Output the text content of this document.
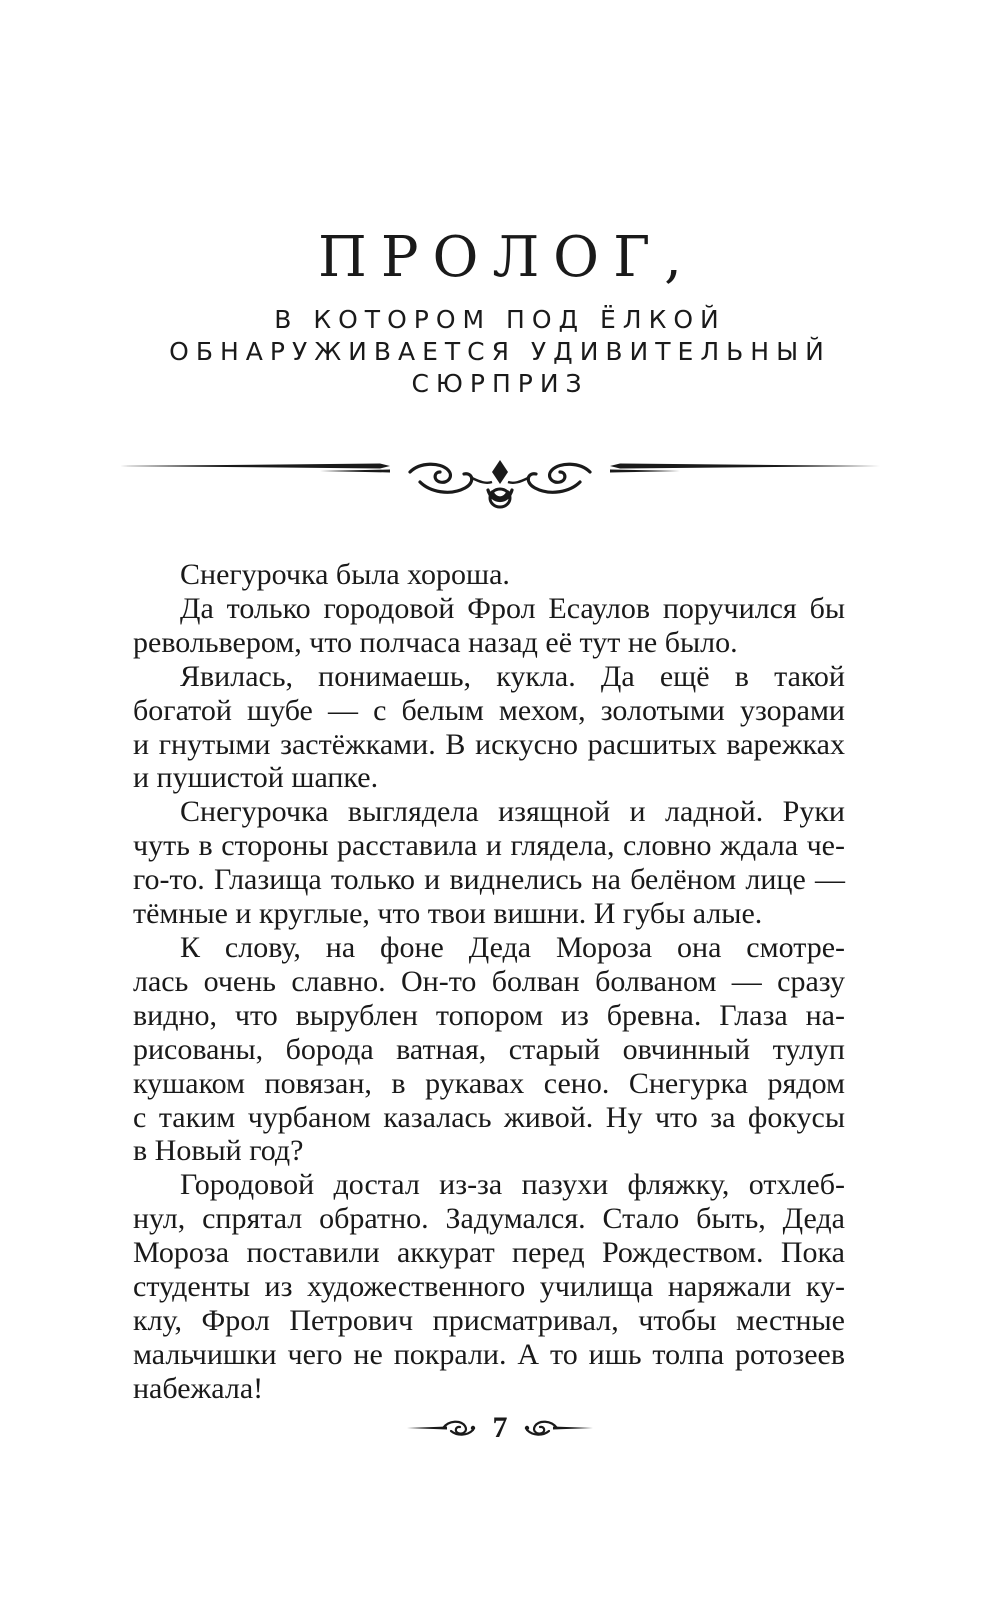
ПРОЛОГ,
В КОТОРОМ ПОД ЁЛКОЙ
ОБНАРУЖИВАЕТСЯ УДИВИТЕЛЬНЫЙ
СЮРПРИЗ

Снегурочка была хороша.

Да только городовой Фрол Есаулов поручился бы
револьвером, что полчаса назад её тут не было.

Явилась, понимаешь, кукла. Да ещё в такой
богатой шубе — с белым мехом, золотыми узорами
и гнутыми застёжками. В искусно расшитых варежках
и пушистой шапке.

Снегурочка выглядела изящной и ладной. Руки
чуть в стороны расставила и глядела, словно ждала че-
го-то. Глазища только и виднелись на белёном лице —
тёмные и круглые, что твои вишни. И губы алые.

К слову, на фоне Деда Мороза она смотре-
лась очень славно. Он-то болван болваном — сразу
видно, что вырублен топором из бревна. Глаза на-
рисованы, борода ватная, старый овчинный тулуп
кушаком повязан, в рукавах сено. Снегурка рядом
с таким чурбаном казалась живой. Ну что за фокусы
в Новый год?

Городовой достал из-за пазухи фляжку, отхлеб-
нул, спрятал обратно. Задумался. Стало быть, Деда
Мороза поставили аккурат перед Рождеством. Пока
студенты из художественного училища наряжали ку-
клу, Фрол Петрович присматривал, чтобы местные
мальчишки чего не покрали. А то ишь толпа ротозеев
набежала!

7
